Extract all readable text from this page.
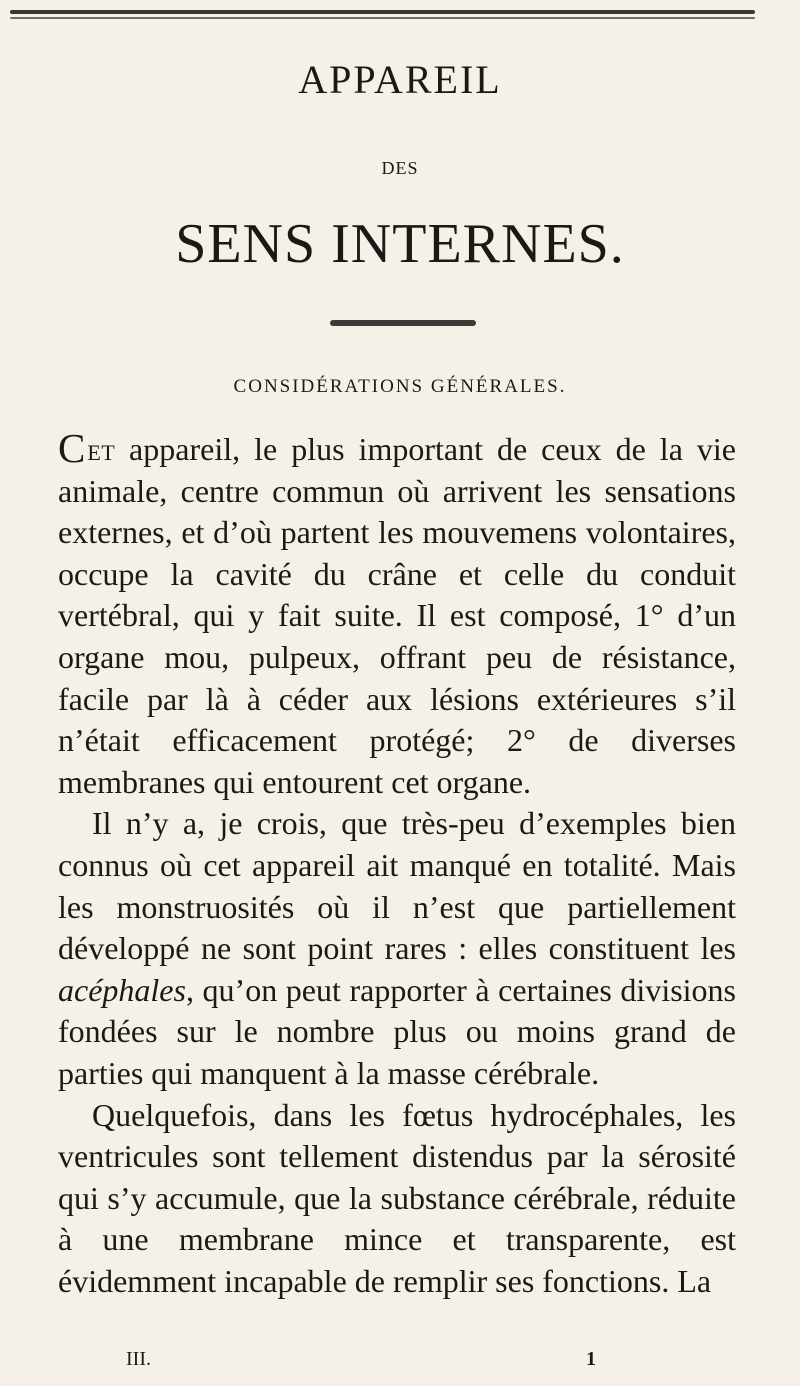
APPAREIL
DES
SENS INTERNES.
CONSIDÉRATIONS GÉNÉRALES.

Cet appareil, le plus important de ceux de la vie animale, centre commun où arrivent les sensations externes, et d’où partent les mouvemens volontaires, occupe la cavité du crâne et celle du conduit vertébral, qui y fait suite. Il est composé, 1° d’un organe mou, pulpeux, offrant peu de résistance, facile par là à céder aux lésions extérieures s’il n’était efficacement protégé; 2° de diverses membranes qui entourent cet organe.

Il n’y a, je crois, que très-peu d’exemples bien connus où cet appareil ait manqué en totalité. Mais les monstruosités où il n’est que partiellement développé ne sont point rares : elles constituent les acéphales, qu’on peut rapporter à certaines divisions fondées sur le nombre plus ou moins grand de parties qui manquent à la masse cérébrale.

Quelquefois, dans les fœtus hydrocéphales, les ventricules sont tellement distendus par la sérosité qui s’y accumule, que la substance cérébrale, réduite à une membrane mince et transparente, est évidemment incapable de remplir ses fonctions. La

III.	1
